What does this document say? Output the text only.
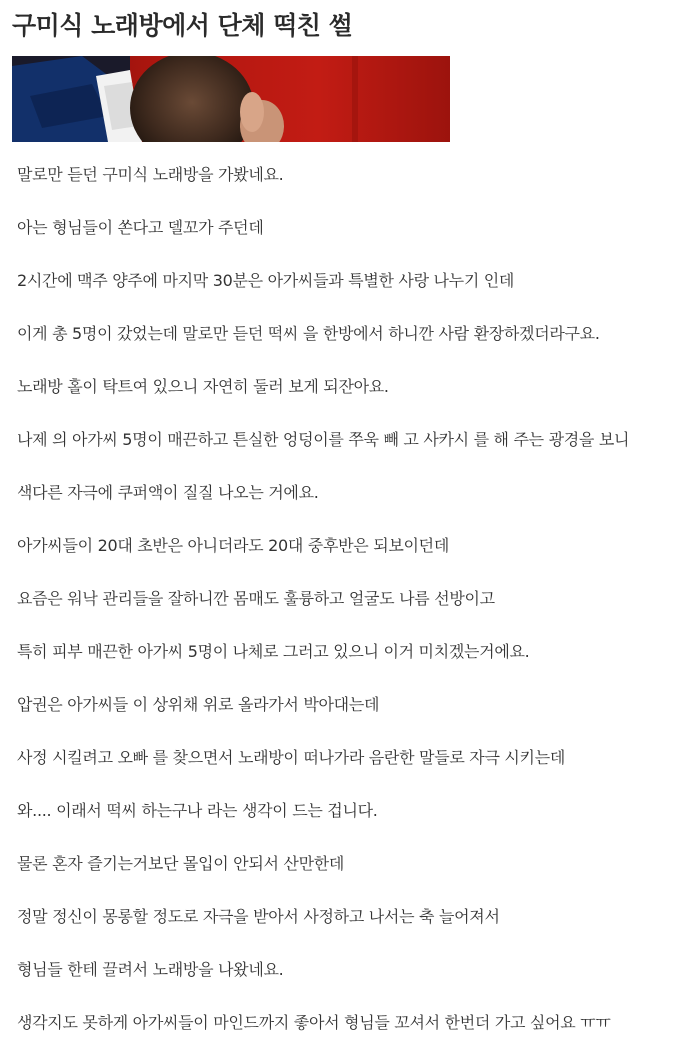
구미식 노래방에서 단체 떡친 썰

말로만 듣던 구미식 노래방을 가봤네요.

아는 형님들이 쏜다고 델꼬가 주던데

2시간에 맥주 양주에 마지막 30분은 아가씨들과 특별한 사랑 나누기 인데

이게 총 5명이 갔었는데 말로만 듣던 떡씨 을 한방에서 하니깐 사람 환장하겠더라구요.

노래방 홀이 탁트여 있으니 자연히 둘러 보게 되잔아요.

나제 의 아가씨 5명이 매끈하고 튼실한 엉덩이를 쭈욱 빼 고 사카시 를 해 주는 광경을 보니

색다른 자극에 쿠퍼액이 질질 나오는 거에요.

아가씨들이 20대 초반은 아니더라도 20대 중후반은 되보이던데

요즘은 워낙 관리들을 잘하니깐 몸매도 훌륭하고 얼굴도 나름 선방이고

특히 피부 매끈한 아가씨 5명이 나체로 그러고 있으니 이거 미치겠는거에요.

압권은 아가씨들 이 상위채 위로 올라가서 박아대는데

사정 시킬려고 오빠 를 찾으면서 노래방이 떠나가라 음란한 말들로 자극 시키는데

와.... 이래서 떡씨 하는구나 라는 생각이 드는 겁니다.

물론 혼자 즐기는거보단 몰입이 안되서 산만한데

정말 정신이 몽롱할 정도로 자극을 받아서 사정하고 나서는 축 늘어져서

형님들 한테 끌려서 노래방을 나왔네요.

생각지도 못하게 아가씨들이 마인드까지 좋아서 형님들 꼬셔서 한번더 가고 싶어요 ㅠㅠ
